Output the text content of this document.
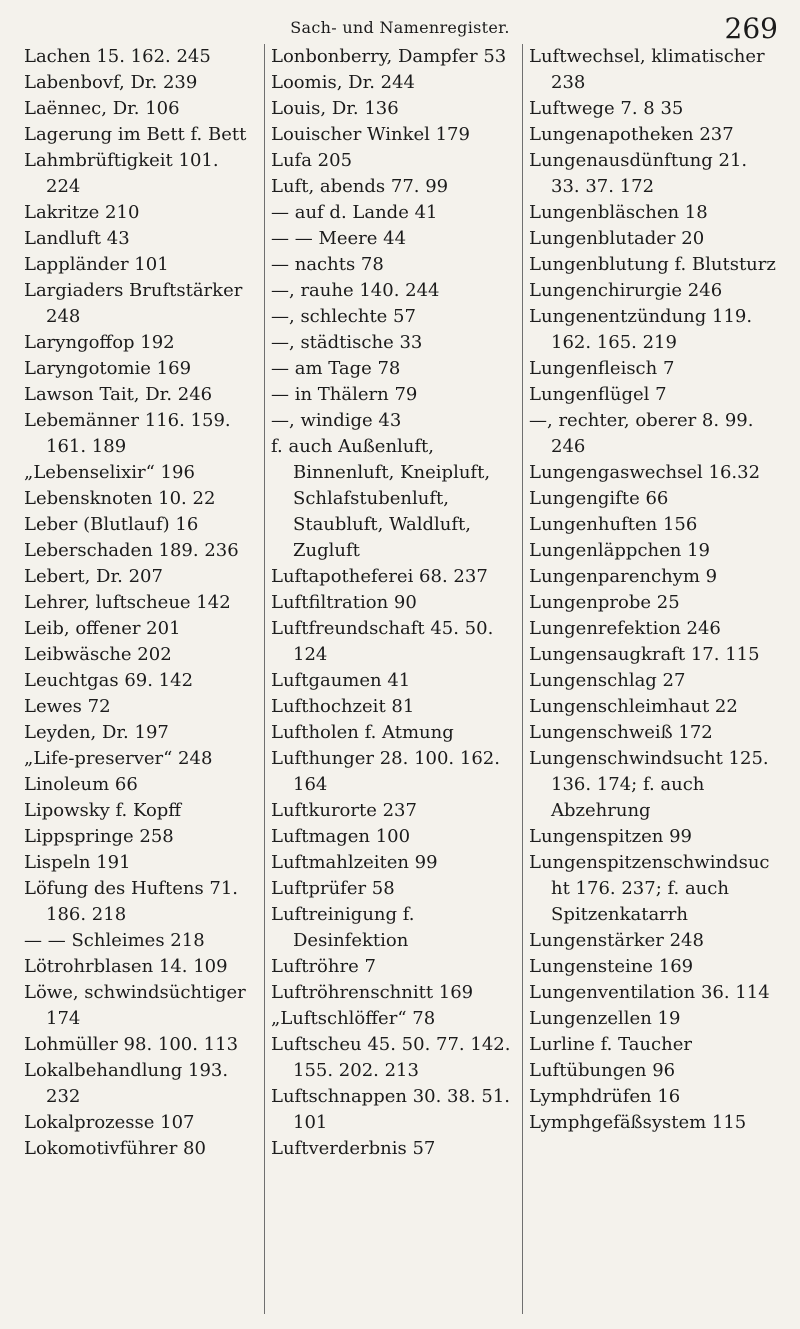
Sach- und Namenregister.	269
Lachen 15. 162. 245
Labenbovf, Dr. 239
Laënnec, Dr. 106
Lagerung im Bett f. Bett
Lahmbrüftigkeit 101. 224
Lakritze 210
Landluft 43
Lappländer 101
Largiaders Bruftstärker 248
Laryngoffop 192
Laryngotomie 169
Lawson Tait, Dr. 246
Lebemänner 116. 159. 161. 189
„Lebenselixir“ 196
Lebensknoten 10. 22
Leber (Blutlauf) 16
Leberschaden 189. 236
Lebert, Dr. 207
Lehrer, luftscheue 142
Leib, offener 201
Leibwäsche 202
Leuchtgas 69. 142
Lewes 72
Leyden, Dr. 197
„Life-preserver“ 248
Linoleum 66
Lipowsky f. Kopff
Lippspringe 258
Lispeln 191
Löfung des Huftens 71. 186. 218
— — Schleimes 218
Lötrohrblasen 14. 109
Löwe, schwindsüchtiger 174
Lohmüller 98. 100. 113
Lokalbehandlung 193. 232
Lokalprozesse 107
Lokomotivführer 80
Lonbonberry, Dampfer 53
Loomis, Dr. 244
Louis, Dr. 136
Louischer Winkel 179
Lufa 205
Luft, abends 77. 99
— auf d. Lande 41
— — Meere 44
— nachts 78
—, rauhe 140. 244
—, schlechte 57
—, städtische 33
— am Tage 78
— in Thälern 79
—, windige 43
f. auch Außenluft, Binnenluft, Kneipluft, Schlafstubenluft, Staubluft, Waldluft, Zugluft
Luftapotheferei 68. 237
Luftfiltration 90
Luftfreundschaft 45. 50. 124
Luftgaumen 41
Lufthochzeit 81
Luftholen f. Atmung
Lufthunger 28. 100. 162. 164
Luftkurorte 237
Luftmagen 100
Luftmahlzeiten 99
Luftprüfer 58
Luftreinigung f. Desinfektion
Luftröhre 7
Luftröhrenschnitt 169
„Luftschlöffer“ 78
Luftscheu 45. 50. 77. 142. 155. 202. 213
Luftschnappen 30. 38. 51. 101
Luftverderbnis 57
Luftwechsel, klimatischer 238
Luftwege 7. 8 35
Lungenapotheken 237
Lungenausdünftung 21. 33. 37. 172
Lungenbläschen 18
Lungenblutader 20
Lungenblutung f. Blutsturz
Lungenchirurgie 246
Lungenentzündung 119. 162. 165. 219
Lungenfleisch 7
Lungenflügel 7
—, rechter, oberer 8. 99. 246
Lungengaswechsel 16.32
Lungengifte 66
Lungenhuften 156
Lungenläppchen 19
Lungenparenchym 9
Lungenprobe 25
Lungenrefektion 246
Lungensaugkraft 17. 115
Lungenschlag 27
Lungenschleimhaut 22
Lungenschweiß 172
Lungenschwindsucht 125. 136. 174; f. auch Abzehrung
Lungenspitzen 99
Lungenspitzenschwindsucht 176. 237; f. auch Spitzenkatarrh
Lungenstärker 248
Lungensteine 169
Lungenventilation 36. 114
Lungenzellen 19
Lurline f. Taucher
Luftübungen 96
Lymphdrüfen 16
Lymphgefäßsystem 115
